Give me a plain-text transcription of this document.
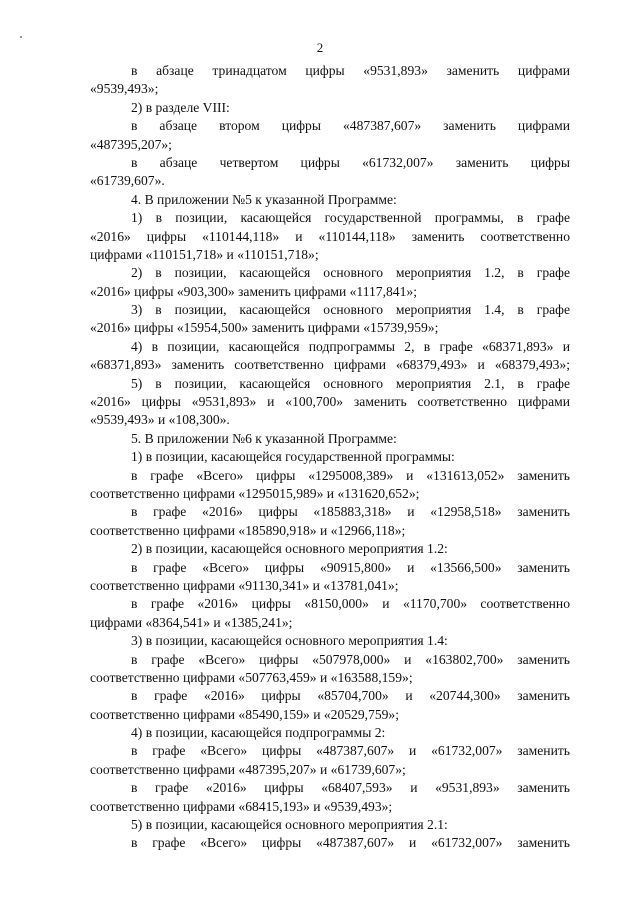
2
в абзаце тринадцатом цифры «9531,893» заменить цифрами
«9539,493»;
2) в разделе VIII:
в абзаце втором цифры «487387,607» заменить цифрами
«487395,207»;
в абзаце четвертом цифры «61732,007» заменить цифры
«61739,607».
4. В приложении №5 к указанной Программе:
1) в позиции, касающейся государственной программы, в графе
«2016» цифры «110144,118» и «110144,118» заменить соответственно
цифрами «110151,718» и «110151,718»;
2) в позиции, касающейся основного мероприятия 1.2, в графе
«2016» цифры «903,300» заменить цифрами «1117,841»;
3) в позиции, касающейся основного мероприятия 1.4, в графе
«2016» цифры «15954,500» заменить цифрами «15739,959»;
4) в позиции, касающейся подпрограммы 2, в графе «68371,893» и
«68371,893» заменить соответственно цифрами «68379,493» и «68379,493»;
5) в позиции, касающейся основного мероприятия 2.1, в графе
«2016» цифры «9531,893» и «100,700» заменить соответственно цифрами
«9539,493» и «108,300».
5. В приложении №6 к указанной Программе:
1) в позиции, касающейся государственной программы:
в графе «Всего» цифры «1295008,389» и «131613,052» заменить
соответственно цифрами «1295015,989» и «131620,652»;
в графе «2016» цифры «185883,318» и «12958,518» заменить
соответственно цифрами «185890,918» и «12966,118»;
2) в позиции, касающейся основного мероприятия 1.2:
в графе «Всего» цифры «90915,800» и «13566,500» заменить
соответственно цифрами «91130,341» и «13781,041»;
в графе «2016» цифры «8150,000» и «1170,700» соответственно
цифрами «8364,541» и «1385,241»;
3) в позиции, касающейся основного мероприятия 1.4:
в графе «Всего» цифры «507978,000» и «163802,700» заменить
соответственно цифрами «507763,459» и «163588,159»;
в графе «2016» цифры «85704,700» и «20744,300» заменить
соответственно цифрами «85490,159» и «20529,759»;
4) в позиции, касающейся подпрограммы 2:
в графе «Всего» цифры «487387,607» и «61732,007» заменить
соответственно цифрами «487395,207» и «61739,607»;
в графе «2016» цифры «68407,593» и «9531,893» заменить
соответственно цифрами «68415,193» и «9539,493»;
5) в позиции, касающейся основного мероприятия 2.1:
в графе «Всего» цифры «487387,607» и «61732,007» заменить
